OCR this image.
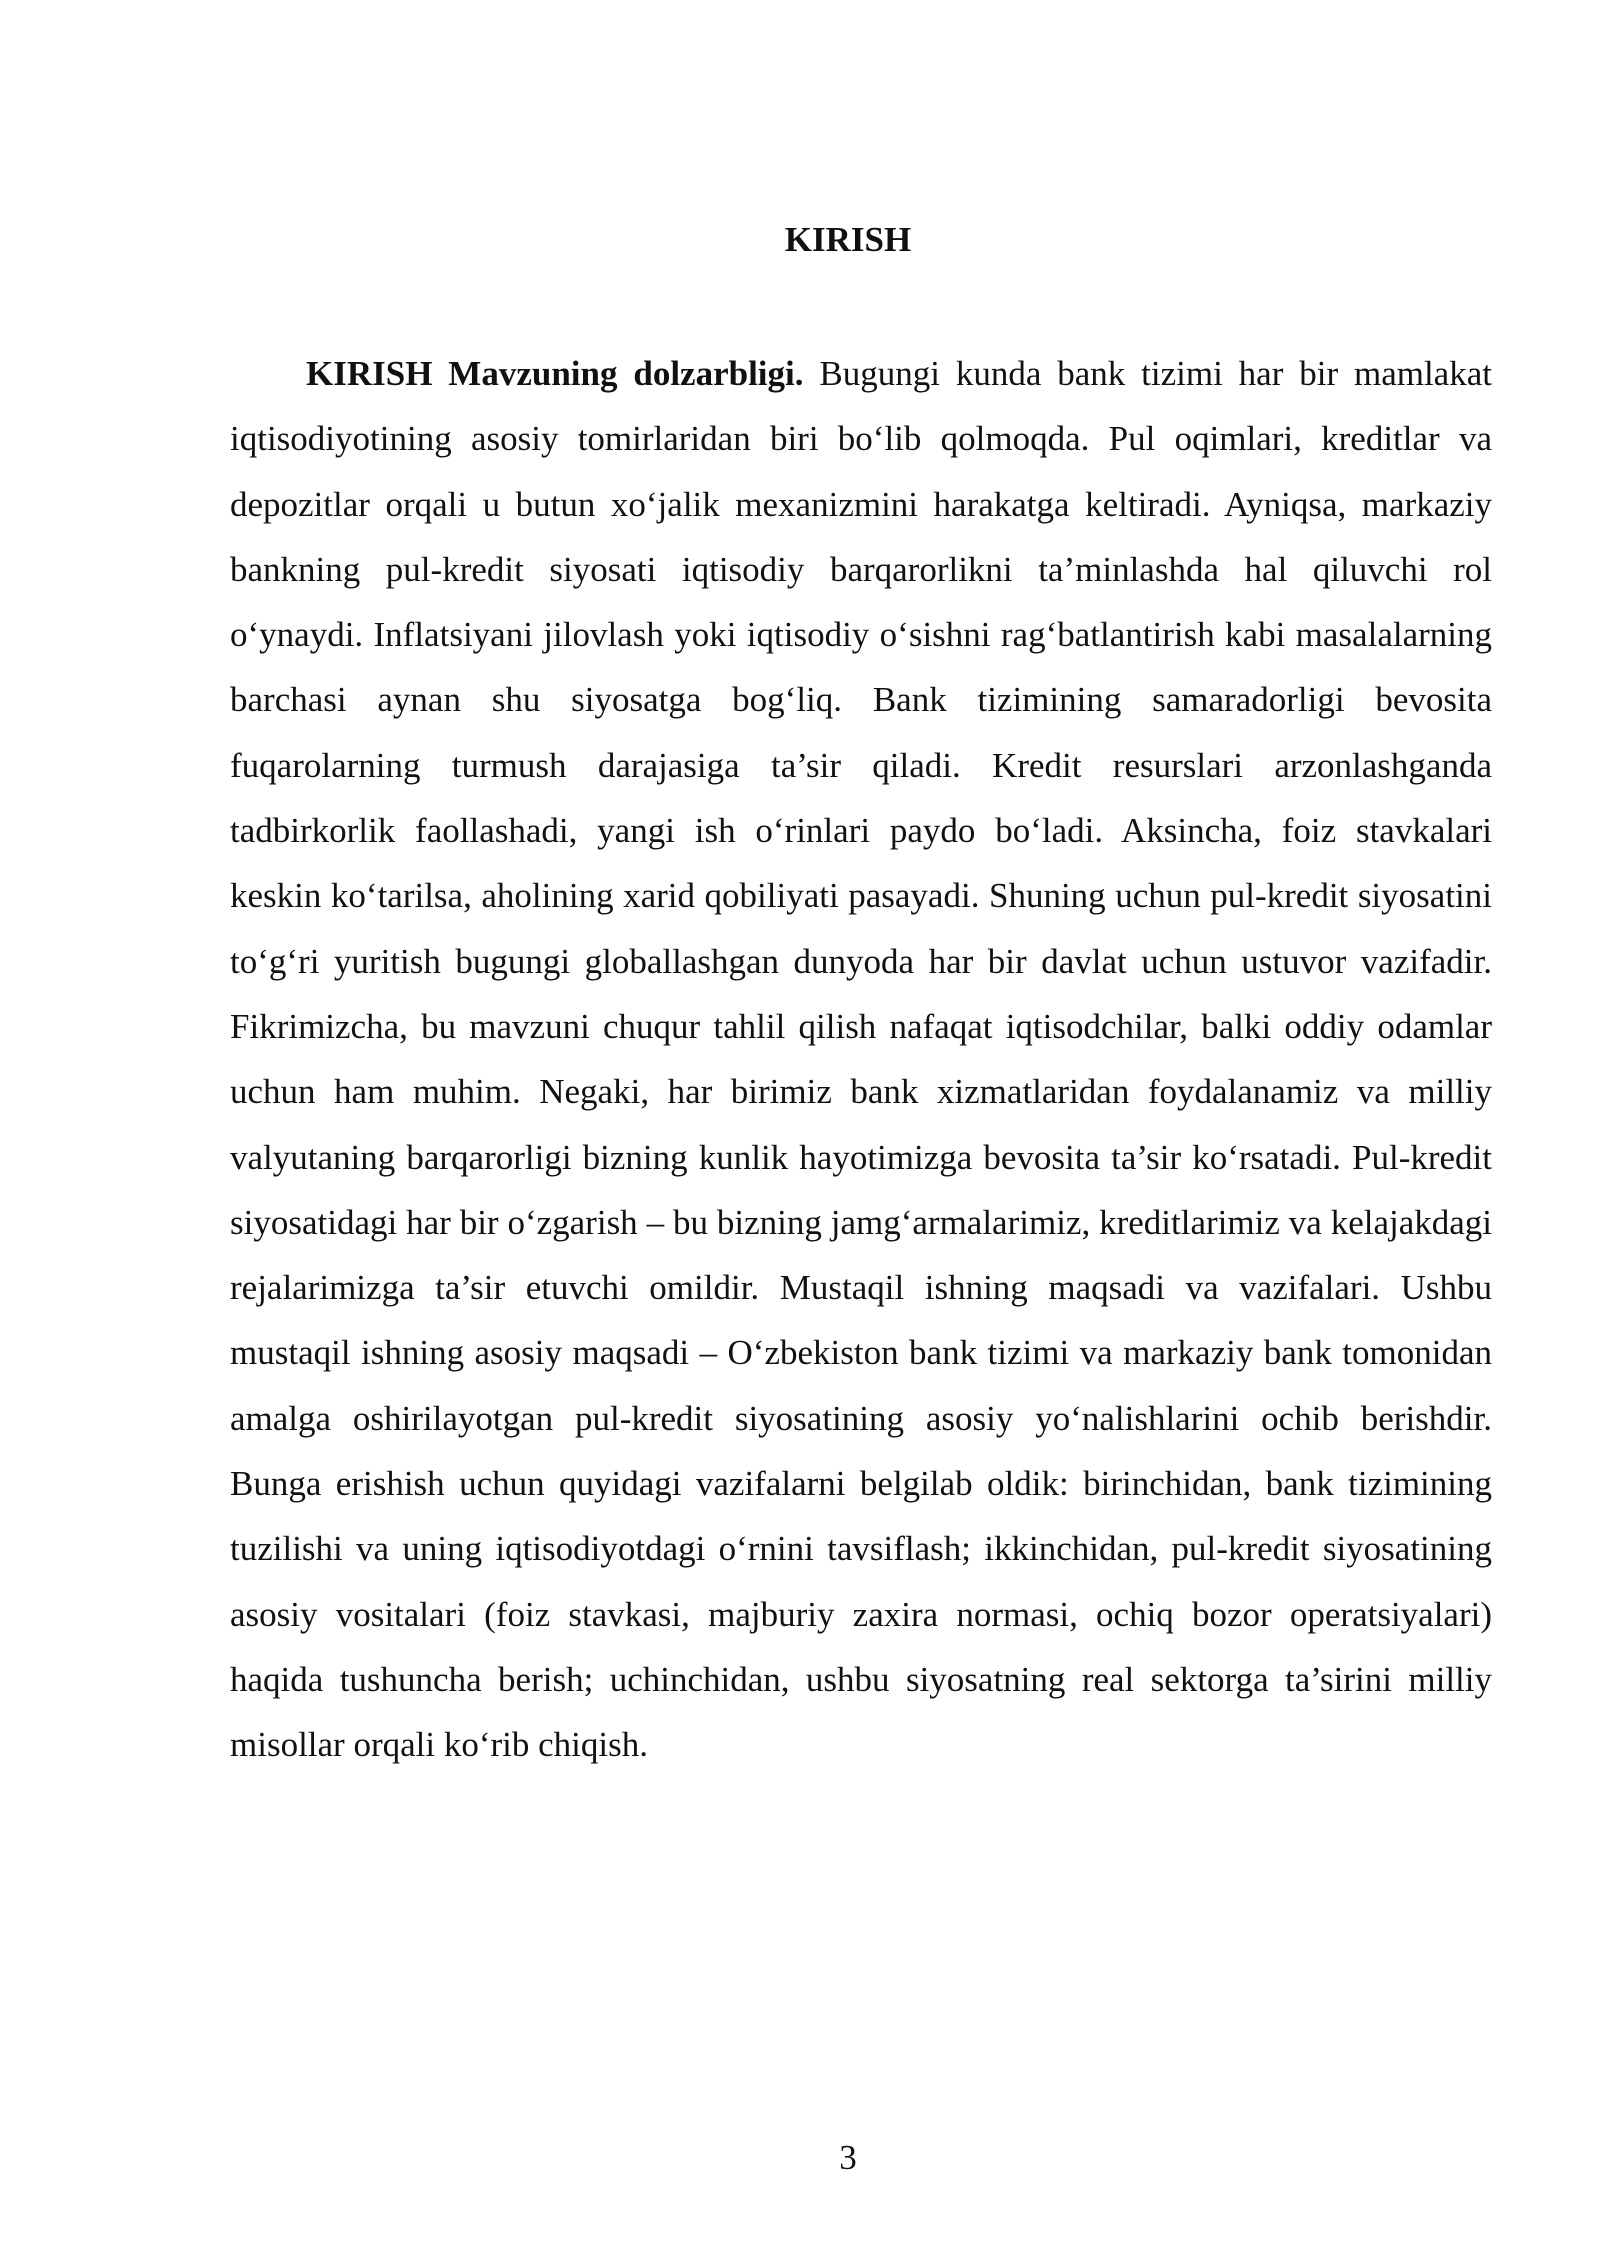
KIRISH

KIRISH Mavzuning dolzarbligi. Bugungi kunda bank tizimi har bir mamlakat iqtisodiyotining asosiy tomirlaridan biri bo‘lib qolmoqda. Pul oqimlari, kreditlar va depozitlar orqali u butun xo‘jalik mexanizmini harakatga keltiradi. Ayniqsa, markaziy bankning pul-kredit siyosati iqtisodiy barqarorlikni ta’minlashda hal qiluvchi rol o‘ynaydi. Inflatsiyani jilovlash yoki iqtisodiy o‘sishni rag‘batlantirish kabi masalalarning barchasi aynan shu siyosatga bog‘liq. Bank tizimining samaradorligi bevosita fuqarolarning turmush darajasiga ta’sir qiladi. Kredit resurslari arzonlashganda tadbirkorlik faollashadi, yangi ish o‘rinlari paydo bo‘ladi. Aksincha, foiz stavkalari keskin ko‘tarilsa, aholining xarid qobiliyati pasayadi. Shuning uchun pul-kredit siyosatini to‘g‘ri yuritish bugungi globallashgan dunyoda har bir davlat uchun ustuvor vazifadir. Fikrimizcha, bu mavzuni chuqur tahlil qilish nafaqat iqtisodchilar, balki oddiy odamlar uchun ham muhim. Negaki, har birimiz bank xizmatlaridan foydalanamiz va milliy valyutaning barqarorligi bizning kunlik hayotimizga bevosita ta’sir ko‘rsatadi. Pul-kredit siyosatidagi har bir o‘zgarish – bu bizning jamg‘armalarimiz, kreditlarimiz va kelajakdagi rejalarimizga ta’sir etuvchi omildir. Mustaqil ishning maqsadi va vazifalari. Ushbu mustaqil ishning asosiy maqsadi – O‘zbekiston bank tizimi va markaziy bank tomonidan amalga oshirilayotgan pul-kredit siyosatining asosiy yo‘nalishlarini ochib berishdir. Bunga erishish uchun quyidagi vazifalarni belgilab oldik: birinchidan, bank tizimining tuzilishi va uning iqtisodiyotdagi o‘rnini tavsiflash; ikkinchidan, pul-kredit siyosatining asosiy vositalari (foiz stavkasi, majburiy zaxira normasi, ochiq bozor operatsiyalari) haqida tushuncha berish; uchinchidan, ushbu siyosatning real sektorga ta’sirini milliy misollar orqali ko‘rib chiqish.

3
